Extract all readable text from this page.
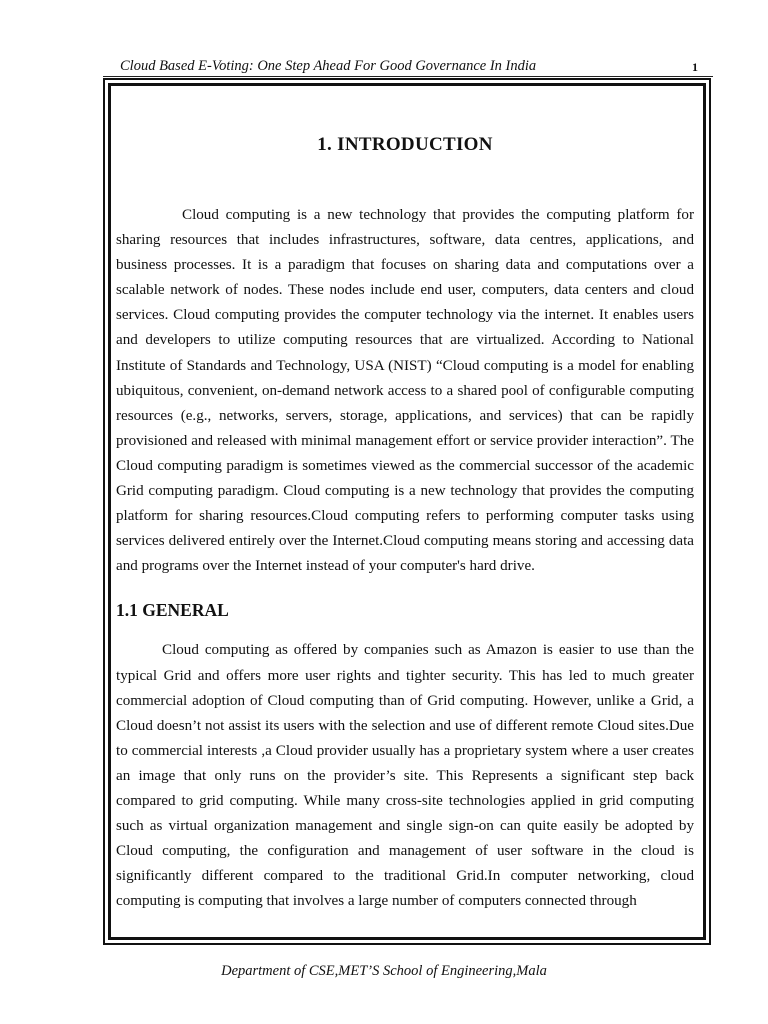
Cloud Based E-Voting: One Step Ahead For Good Governance In India	1
1. INTRODUCTION

Cloud computing is a new technology that provides the computing platform for sharing resources that includes infrastructures, software, data centres, applications, and business processes. It is a paradigm that focuses on sharing data and computations over a scalable network of nodes. These nodes include end user, computers, data centers and cloud services. Cloud computing provides the computer technology via the internet. It enables users and developers to utilize computing resources that are virtualized. According to National Institute of Standards and Technology, USA (NIST) “Cloud computing is a model for enabling ubiquitous, convenient, on-demand network access to a shared pool of configurable computing resources (e.g., networks, servers, storage, applications, and services) that can be rapidly provisioned and released with minimal management effort or service provider interaction”. The Cloud computing paradigm is sometimes viewed as the commercial successor of the academic Grid computing paradigm. Cloud computing is a new technology that provides the computing platform for sharing resources.Cloud computing refers to performing computer tasks using services delivered entirely over the Internet.Cloud computing means storing and accessing data and programs over the Internet instead of your computer's hard drive.

1.1 GENERAL

Cloud computing as offered by companies such as Amazon is easier to use than the typical Grid and offers more user rights and tighter security. This has led to much greater commercial adoption of Cloud computing than of Grid computing. However, unlike a Grid, a Cloud doesn’t not assist its users with the selection and use of different remote Cloud sites.Due to commercial interests ,a Cloud provider usually has a proprietary system where a user creates an image that only runs on the provider’s site. This Represents a significant step back compared to grid computing. While many cross-site technologies applied in grid computing such as virtual organization management and single sign-on can quite easily be adopted by Cloud computing, the configuration and management of user software in the cloud is significantly different compared to the traditional Grid.In computer networking, cloud computing is computing that involves a large number of computers connected through

Department of CSE,MET’S School of Engineering,Mala
